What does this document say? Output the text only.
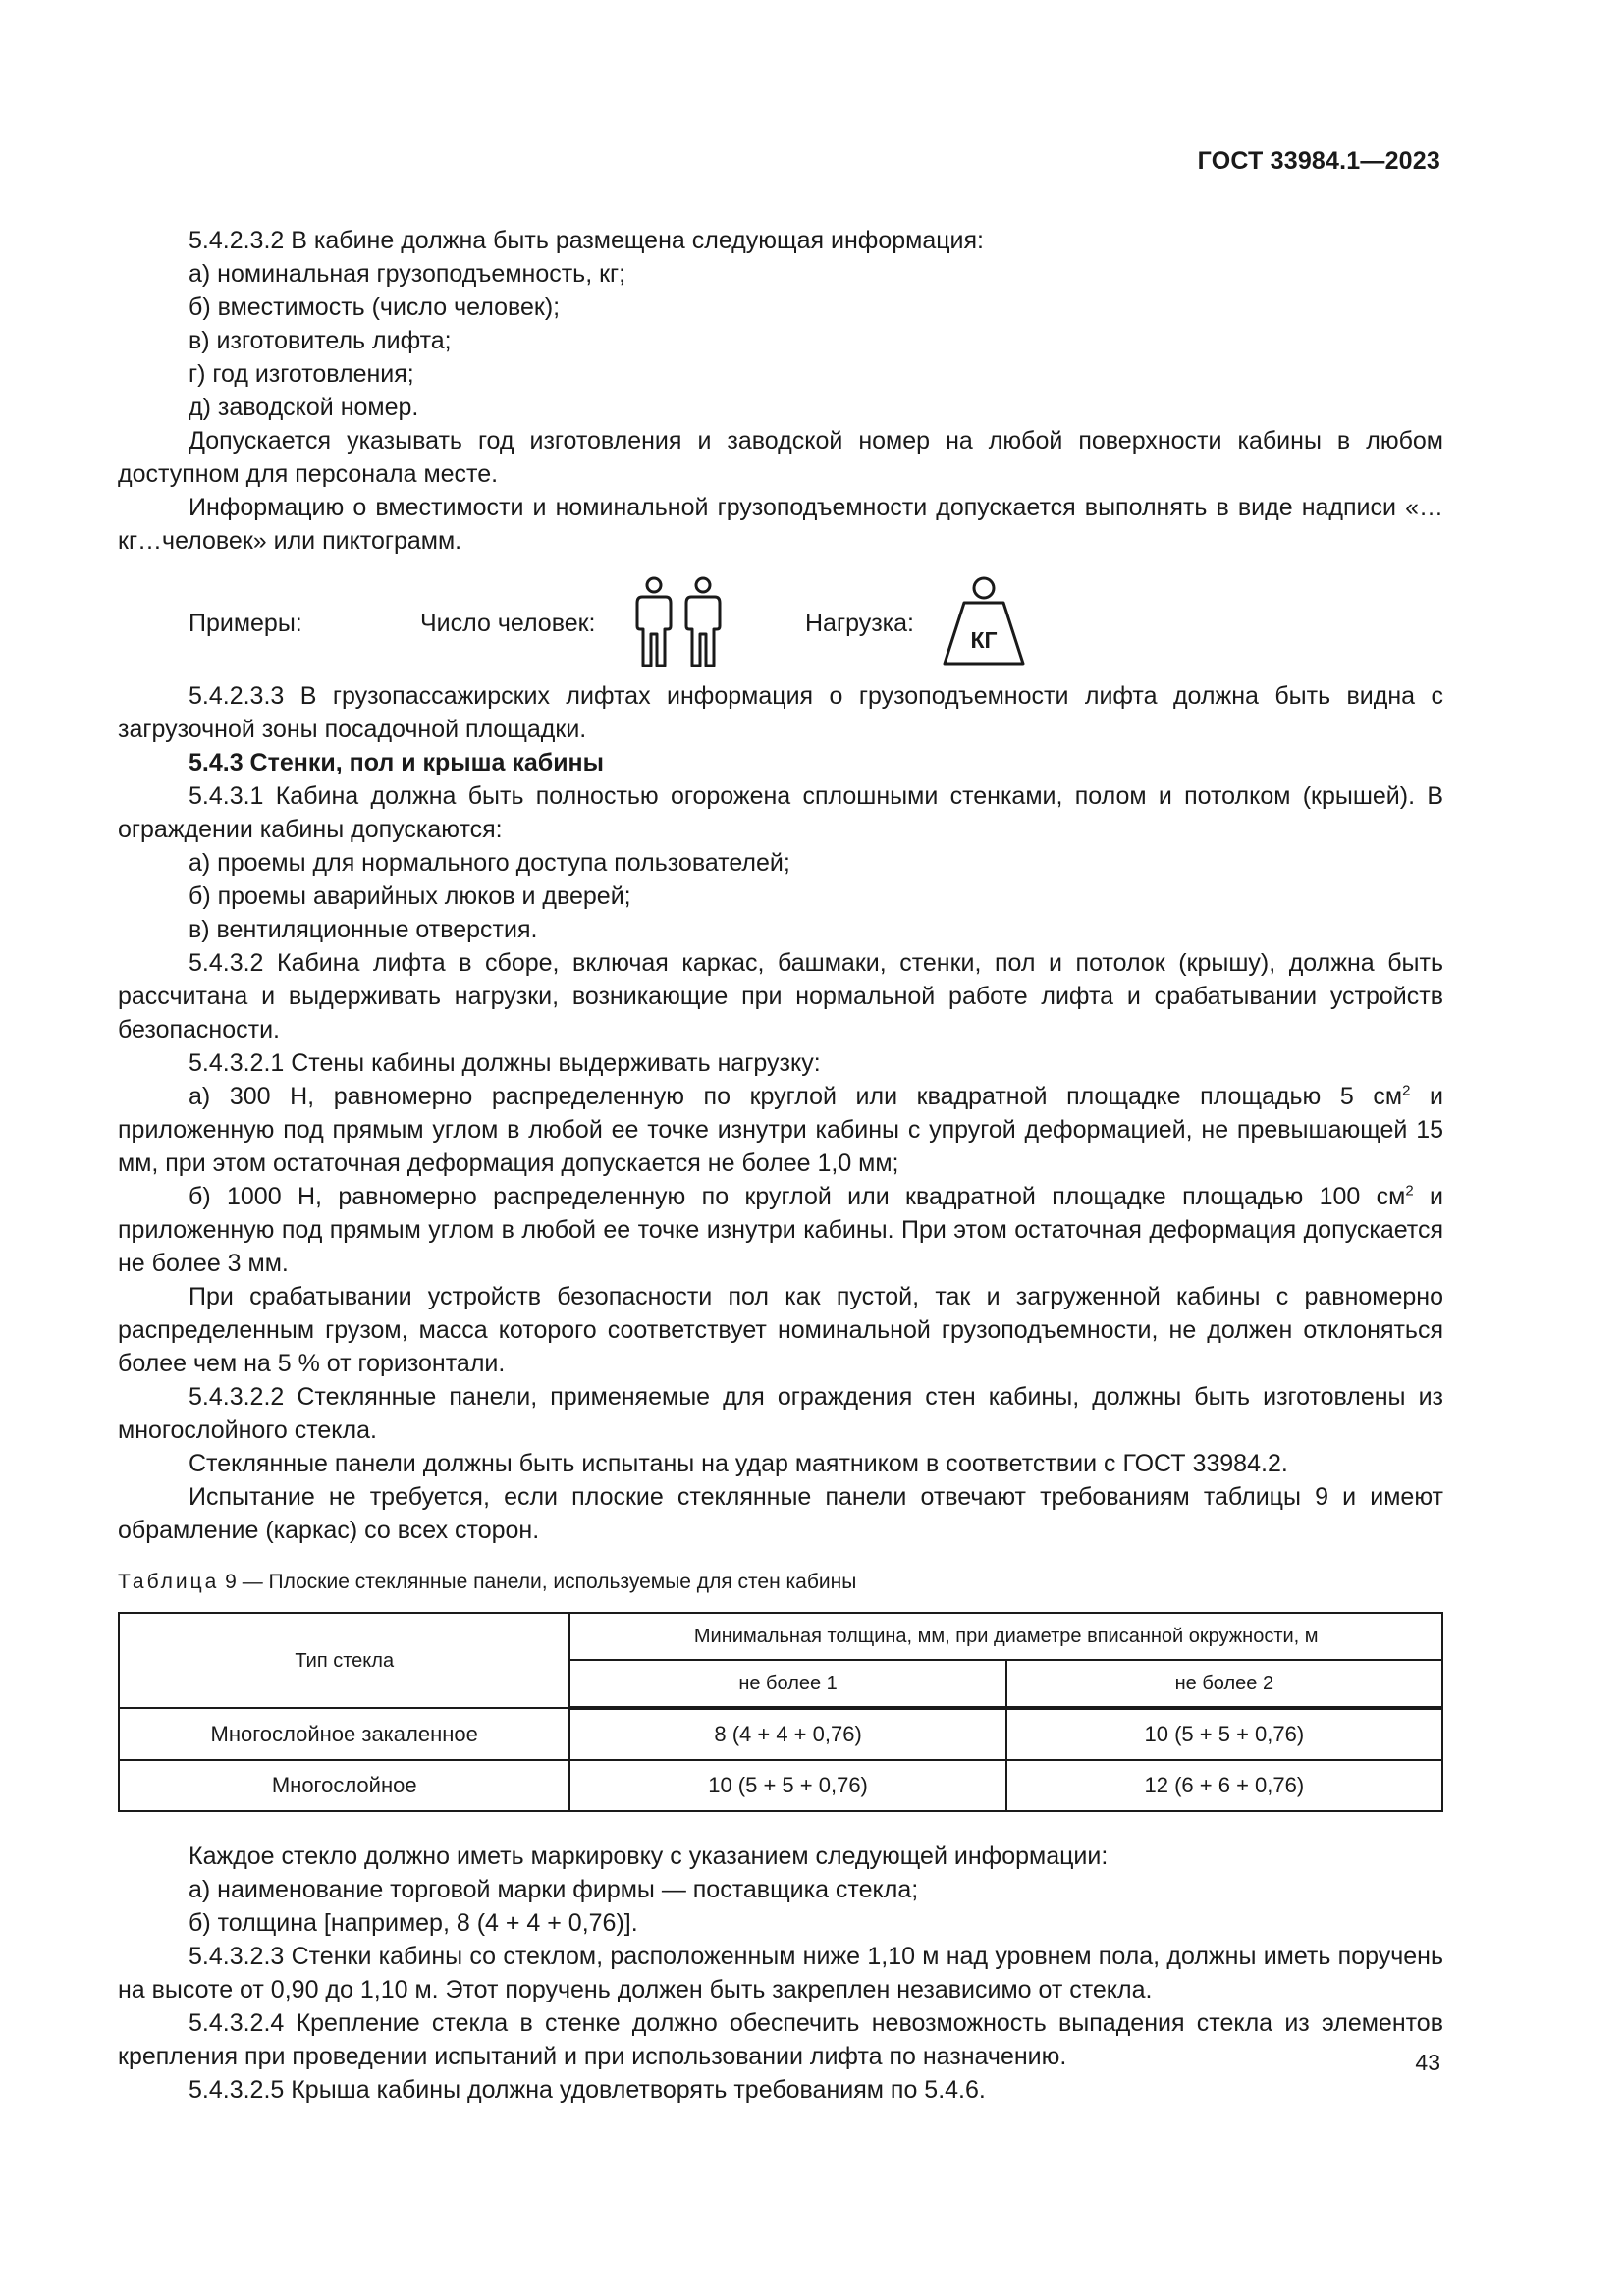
ГОСТ 33984.1—2023

5.4.2.3.2 В кабине должна быть размещена следующая информация:

а) номинальная грузоподъемность, кг;

б) вместимость (число человек);

в) изготовитель лифта;

г) год изготовления;

д) заводской номер.

Допускается указывать год изготовления и заводской номер на любой поверхности кабины в любом доступном для персонала месте.

Информацию о вместимости и номинальной грузоподъемности допускается выполнять в виде надписи «…кг…человек» или пиктограмм.

Примеры:	Число человек:	Нагрузка:
КГ

5.4.2.3.3 В грузопассажирских лифтах информация о грузоподъемности лифта должна быть видна с загрузочной зоны посадочной площадки.

5.4.3 Стенки, пол и крыша кабины

5.4.3.1 Кабина должна быть полностью огорожена сплошными стенками, полом и потолком (крышей). В ограждении кабины допускаются:

а) проемы для нормального доступа пользователей;

б) проемы аварийных люков и дверей;

в) вентиляционные отверстия.

5.4.3.2 Кабина лифта в сборе, включая каркас, башмаки, стенки, пол и потолок (крышу), должна быть рассчитана и выдерживать нагрузки, возникающие при нормальной работе лифта и срабатывании устройств безопасности.

5.4.3.2.1 Стены кабины должны выдерживать нагрузку:

а) 300 Н, равномерно распределенную по круглой или квадратной площадке площадью 5 $см^2$ и приложенную под прямым углом в любой ее точке изнутри кабины с упругой деформацией, не превышающей 15 мм, при этом остаточная деформация допускается не более 1,0 мм;

б) 1000 Н, равномерно распределенную по круглой или квадратной площадке площадью 100 $см^2$ и приложенную под прямым углом в любой ее точке изнутри кабины. При этом остаточная деформация допускается не более 3 мм.

При срабатывании устройств безопасности пол как пустой, так и загруженной кабины с равномерно распределенным грузом, масса которого соответствует номинальной грузоподъемности, не должен отклоняться более чем на 5 % от горизонтали.

5.4.3.2.2 Стеклянные панели, применяемые для ограждения стен кабины, должны быть изготовлены из многослойного стекла.

Стеклянные панели должны быть испытаны на удар маятником в соответствии с ГОСТ 33984.2.

Испытание не требуется, если плоские стеклянные панели отвечают требованиям таблицы 9 и имеют обрамление (каркас) со всех сторон.

Таблица 9 — Плоские стеклянные панели, используемые для стен кабины

Тип стекла	Минимальная толщина, мм, при диаметре вписанной окружности, м	
	не более 1	не более 2
Многослойное закаленное	8 (4 + 4 + 0,76)	10 (5 + 5 + 0,76)
Многослойное	10 (5 + 5 + 0,76)	12 (6 + 6 + 0,76)

Каждое стекло должно иметь маркировку с указанием следующей информации:

а) наименование торговой марки фирмы — поставщика стекла;

б) толщина [например, 8 (4 + 4 + 0,76)].

5.4.3.2.3 Стенки кабины со стеклом, расположенным ниже 1,10 м над уровнем пола, должны иметь поручень на высоте от 0,90 до 1,10 м. Этот поручень должен быть закреплен независимо от стекла.

5.4.3.2.4 Крепление стекла в стенке должно обеспечить невозможность выпадения стекла из элементов крепления при проведении испытаний и при использовании лифта по назначению.

5.4.3.2.5 Крыша кабины должна удовлетворять требованиям по 5.4.6.

43
